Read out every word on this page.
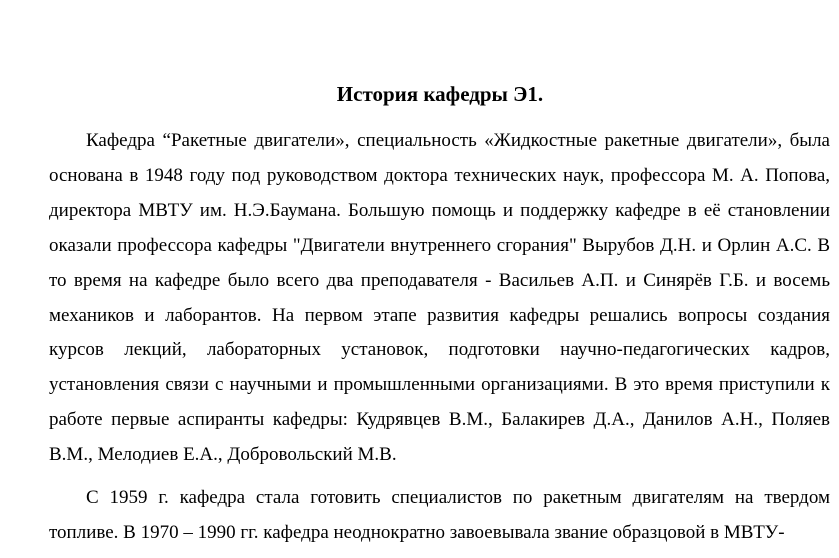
История кафедры Э1.

Кафедра “Ракетные двигатели», специальность «Жидкостные ракетные двигатели», была основана в 1948 году под руководством доктора технических наук, профессора М. А. Попова, директора МВТУ им. Н.Э.Баумана. Большую помощь и поддержку кафедре в её становлении оказали профессора кафедры "Двигатели внутреннего сгорания" Вырубов Д.Н. и Орлин А.С. В то время на кафедре было всего два преподавателя - Васильев А.П. и Синярёв Г.Б. и восемь механиков и лаборантов. На первом этапе развития кафедры решались вопросы создания курсов лекций, лабораторных установок, подготовки научно-педагогических кадров, установления связи с научными и промышленными организациями. В это время приступили к работе первые аспиранты кафедры: Кудрявцев В.М., Балакирев Д.А., Данилов А.Н., Поляев В.М., Мелодиев Е.А., Добровольский М.В.

С 1959 г. кафедра стала готовить специалистов по ракетным двигателям на твердом топливе. В 1970 – 1990 гг. кафедра неоднократно завоевывала звание образцовой в МВТУ-
